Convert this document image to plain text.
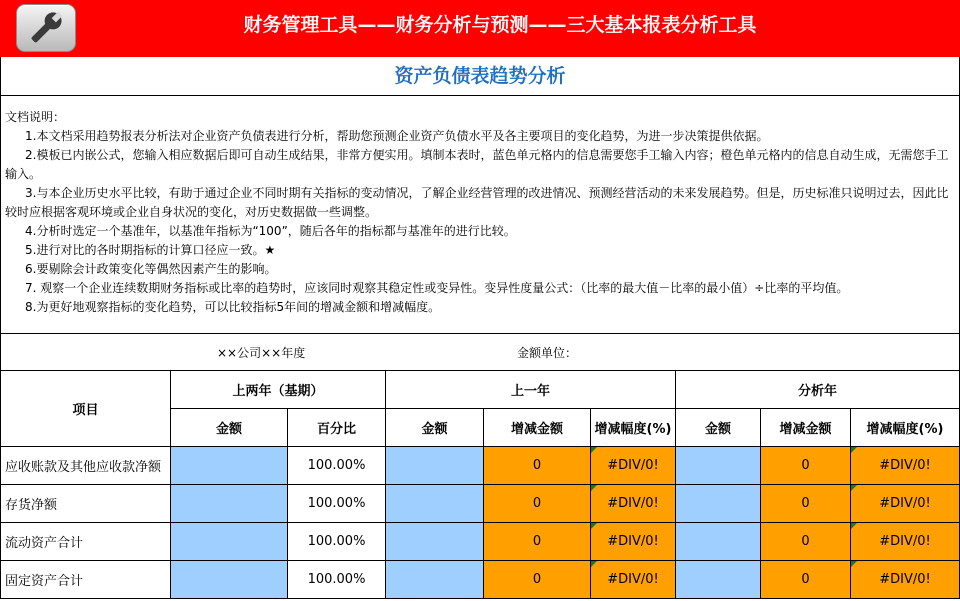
财务管理工具——财务分析与预测——三大基本报表分析工具
资产负债表趋势分析
文档说明：
1.本文档采用趋势报表分析法对企业资产负债表进行分析，帮助您预测企业资产负债水平及各主要项目的变化趋势，为进一步决策提供依据。
2.模板已内嵌公式，您输入相应数据后即可自动生成结果，非常方便实用。填制本表时，蓝色单元格内的信息需要您手工输入内容；橙色单元格内的信息自动生成，无需您手工输入。
3.与本企业历史水平比较，有助于通过企业不同时期有关指标的变动情况，了解企业经营管理的改进情况、预测经营活动的未来发展趋势。但是，历史标准只说明过去，因此比较时应根据客观环境或企业自身状况的变化，对历史数据做一些调整。
4.分析时选定一个基准年，以基准年指标为“100”，随后各年的指标都与基准年的进行比较。
5.进行对比的各时期指标的计算口径应一致。★
6.要剔除会计政策变化等偶然因素产生的影响。
7. 观察一个企业连续数期财务指标或比率的趋势时，应该同时观察其稳定性或变异性。变异性度量公式：（比率的最大值－比率的最小值）÷比率的平均值。
8.为更好地观察指标的变化趋势，可以比较指标5年间的增减金额和增减幅度。
××公司××年度	金额单位：
项目	上两年（基期）		上一年			分析年		
	金额	百分比	金额	增减金额	增减幅度(%)	金额	增减金额	增减幅度(%)
应收账款及其他应收款净额		100.00%		0	#DIV/0!		0	#DIV/0!
存货净额		100.00%		0	#DIV/0!		0	#DIV/0!
流动资产合计		100.00%		0	#DIV/0!		0	#DIV/0!
固定资产合计		100.00%		0	#DIV/0!		0	#DIV/0!
